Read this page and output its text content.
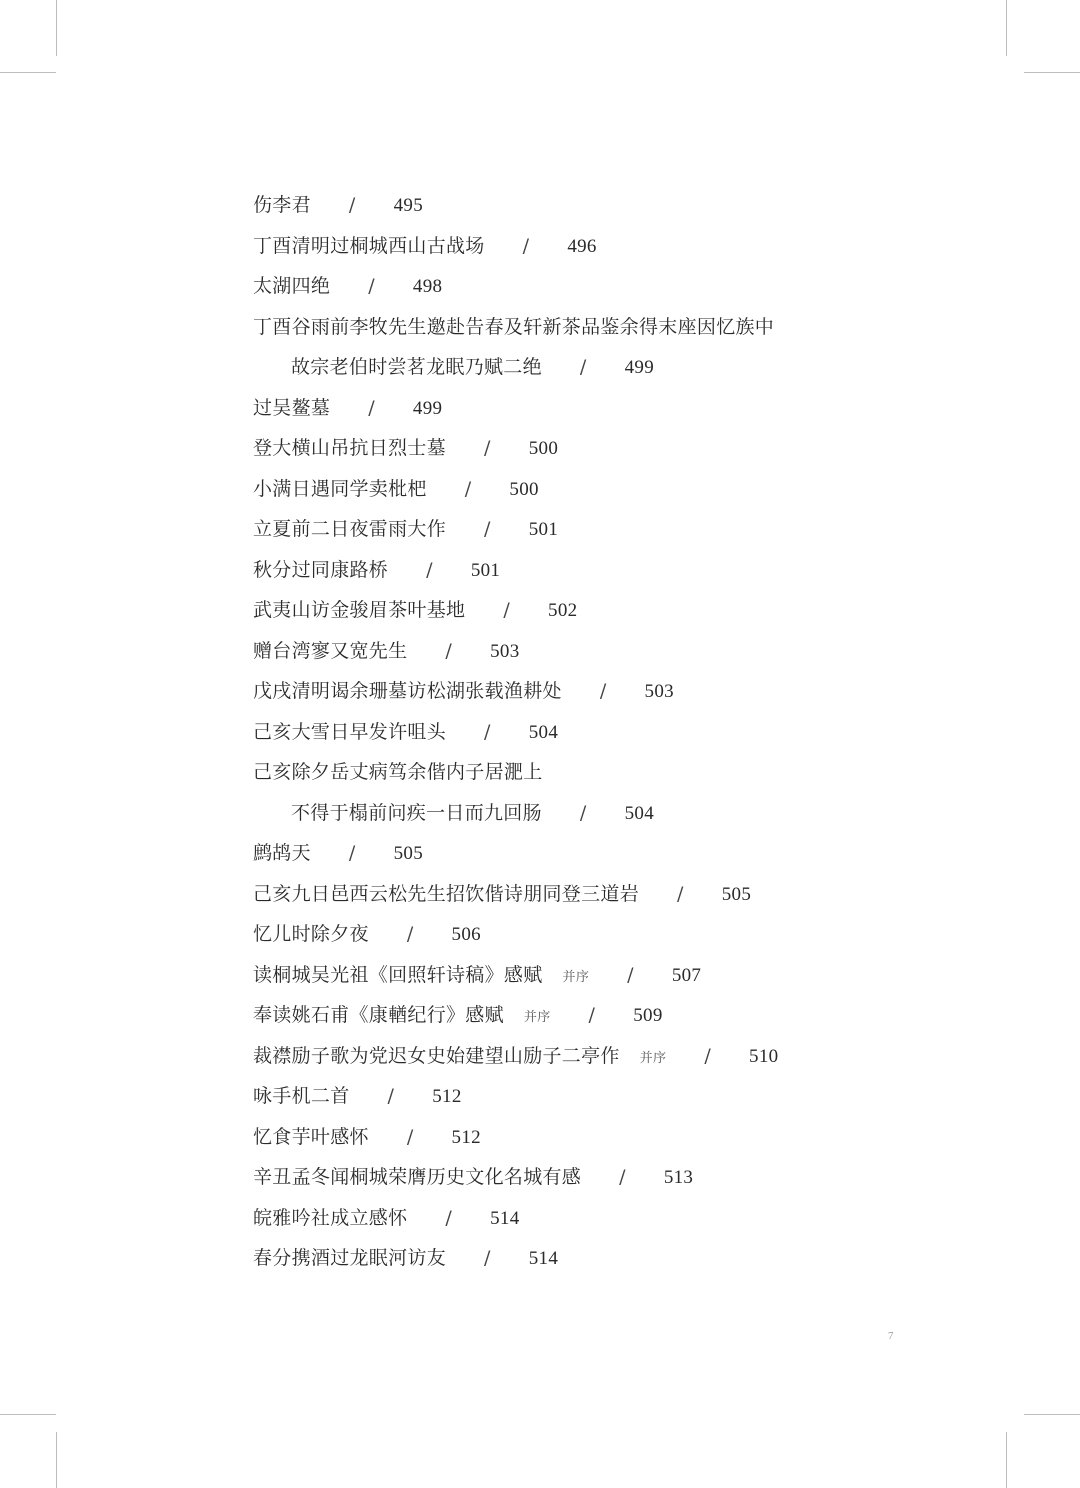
伤李君 / 495
丁酉清明过桐城西山古战场 / 496
太湖四绝 / 498
丁酉谷雨前李牧先生邀赴告春及轩新茶品鉴余得末座因忆族中
故宗老伯时尝茗龙眠乃赋二绝 / 499
过吴鳌墓 / 499
登大横山吊抗日烈士墓 / 500
小满日遇同学卖枇杷 / 500
立夏前二日夜雷雨大作 / 501
秋分过同康路桥 / 501
武夷山访金骏眉茶叶基地 / 502
赠台湾寥又宽先生 / 503
戊戌清明谒余珊墓访松湖张载渔耕处 / 503
己亥大雪日早发许咀头 / 504
己亥除夕岳丈病笃余偕内子居淝上
不得于榻前问疾一日而九回肠 / 504
鹧鸪天 / 505
己亥九日邑西云松先生招饮偕诗朋同登三道岩 / 505
忆儿时除夕夜 / 506
读桐城吴光祖《回照轩诗稿》感赋 并序 / 507
奉读姚石甫《康輶纪行》感赋 并序 / 509
裁襟励子歌为党迟女史始建望山励子二亭作 并序 / 510
咏手机二首 / 512
忆食芋叶感怀 / 512
辛丑孟冬闻桐城荣膺历史文化名城有感 / 513
皖雅吟社成立感怀 / 514
春分携酒过龙眠河访友 / 514
7
